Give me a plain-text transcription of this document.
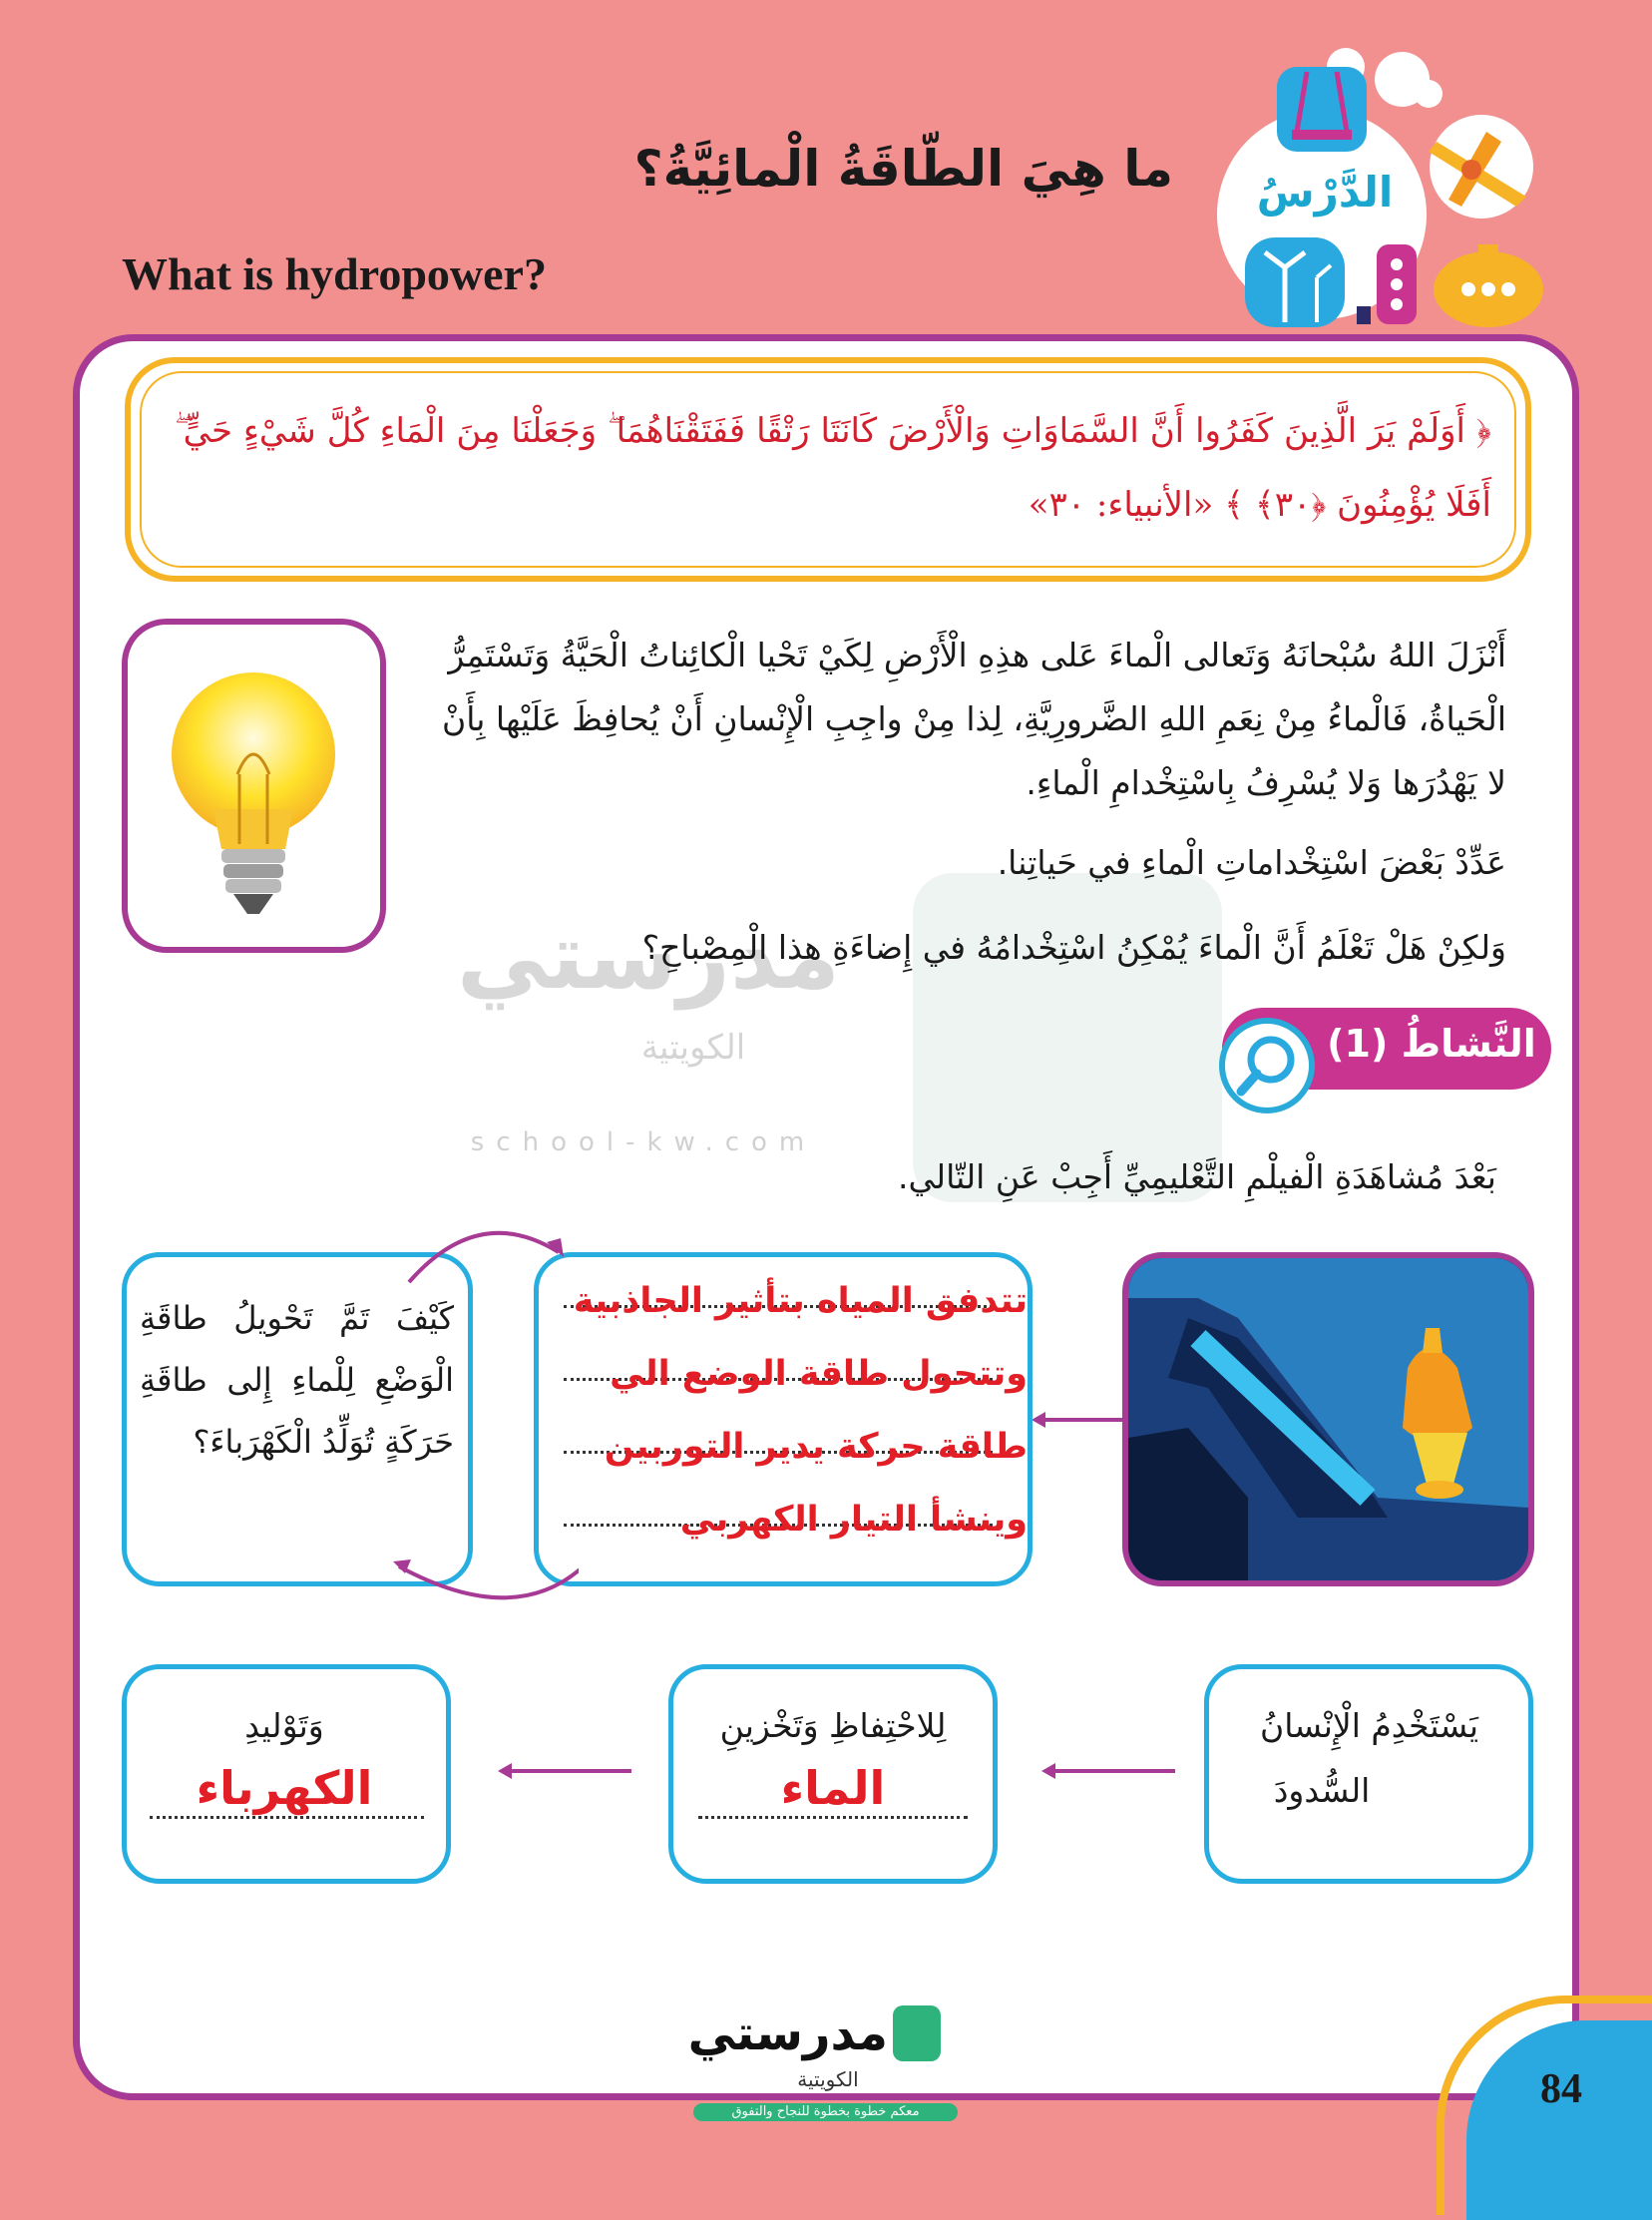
الدَّرْسُ
ما هِيَ الطّاقَةُ الْمائِيَّةُ؟
What is hydropower?
﴿ أَوَلَمْ يَرَ الَّذِينَ كَفَرُوا أَنَّ السَّمَاوَاتِ وَالْأَرْضَ كَانَتَا رَتْقًا فَفَتَقْنَاهُمَا ۖ وَجَعَلْنَا مِنَ الْمَاءِ كُلَّ شَيْءٍ حَيٍّ ۖ أَفَلَا يُؤْمِنُونَ ﴿٣٠﴾ ﴾ «الأنبياء: ٣٠»
مدرستي
الكويتية
school-kw.com
أَنْزَلَ اللهُ سُبْحانَهُ وَتَعالى الْماءَ عَلى هذِهِ الْأَرْضِ لِكَيْ تَحْيا الْكائِناتُ الْحَيَّةُ وَتَسْتَمِرُّ الْحَياةُ، فَالْماءُ مِنْ نِعَمِ اللهِ الضَّرورِيَّةِ، لِذا مِنْ واجِبِ الْإِنْسانِ أَنْ يُحافِظَ عَلَيْها بِأَنْ لا يَهْدُرَها وَلا يُسْرِفُ بِاسْتِخْدامِ الْماءِ.
عَدِّدْ بَعْضَ اسْتِخْداماتِ الْماءِ في حَياتِنا.
وَلكِنْ هَلْ تَعْلَمُ أَنَّ الْماءَ يُمْكِنُ اسْتِخْدامُهُ في إِضاءَةِ هذا الْمِصْباحِ؟
النَّشاطُ (1)
بَعْدَ مُشاهَدَةِ الْفيلْمِ التَّعْليمِيِّ أَجِبْ عَنِ التّالي.
تتدفق المياه بتأثير الجاذبية
وتتحول طاقة الوضع الي
طاقة حركة يدير التوربين
وينشأ التيار الكهربي
كَيْفَ تَمَّ تَحْويلُ طاقَةِ الْوَضْعِ لِلْماءِ إِلى طاقَةِ حَرَكَةٍ تُوَلِّدُ الْكَهْرَباءَ؟
يَسْتَخْدِمُ الْإِنْسانُ
السُّدودَ
لِلاحْتِفاظِ وَتَخْزينِ
الماء
وَتَوْليدِ
الكهرباء
مدرستي
الكويتية
معكم خطوة بخطوة للنجاح والتفوق	84
